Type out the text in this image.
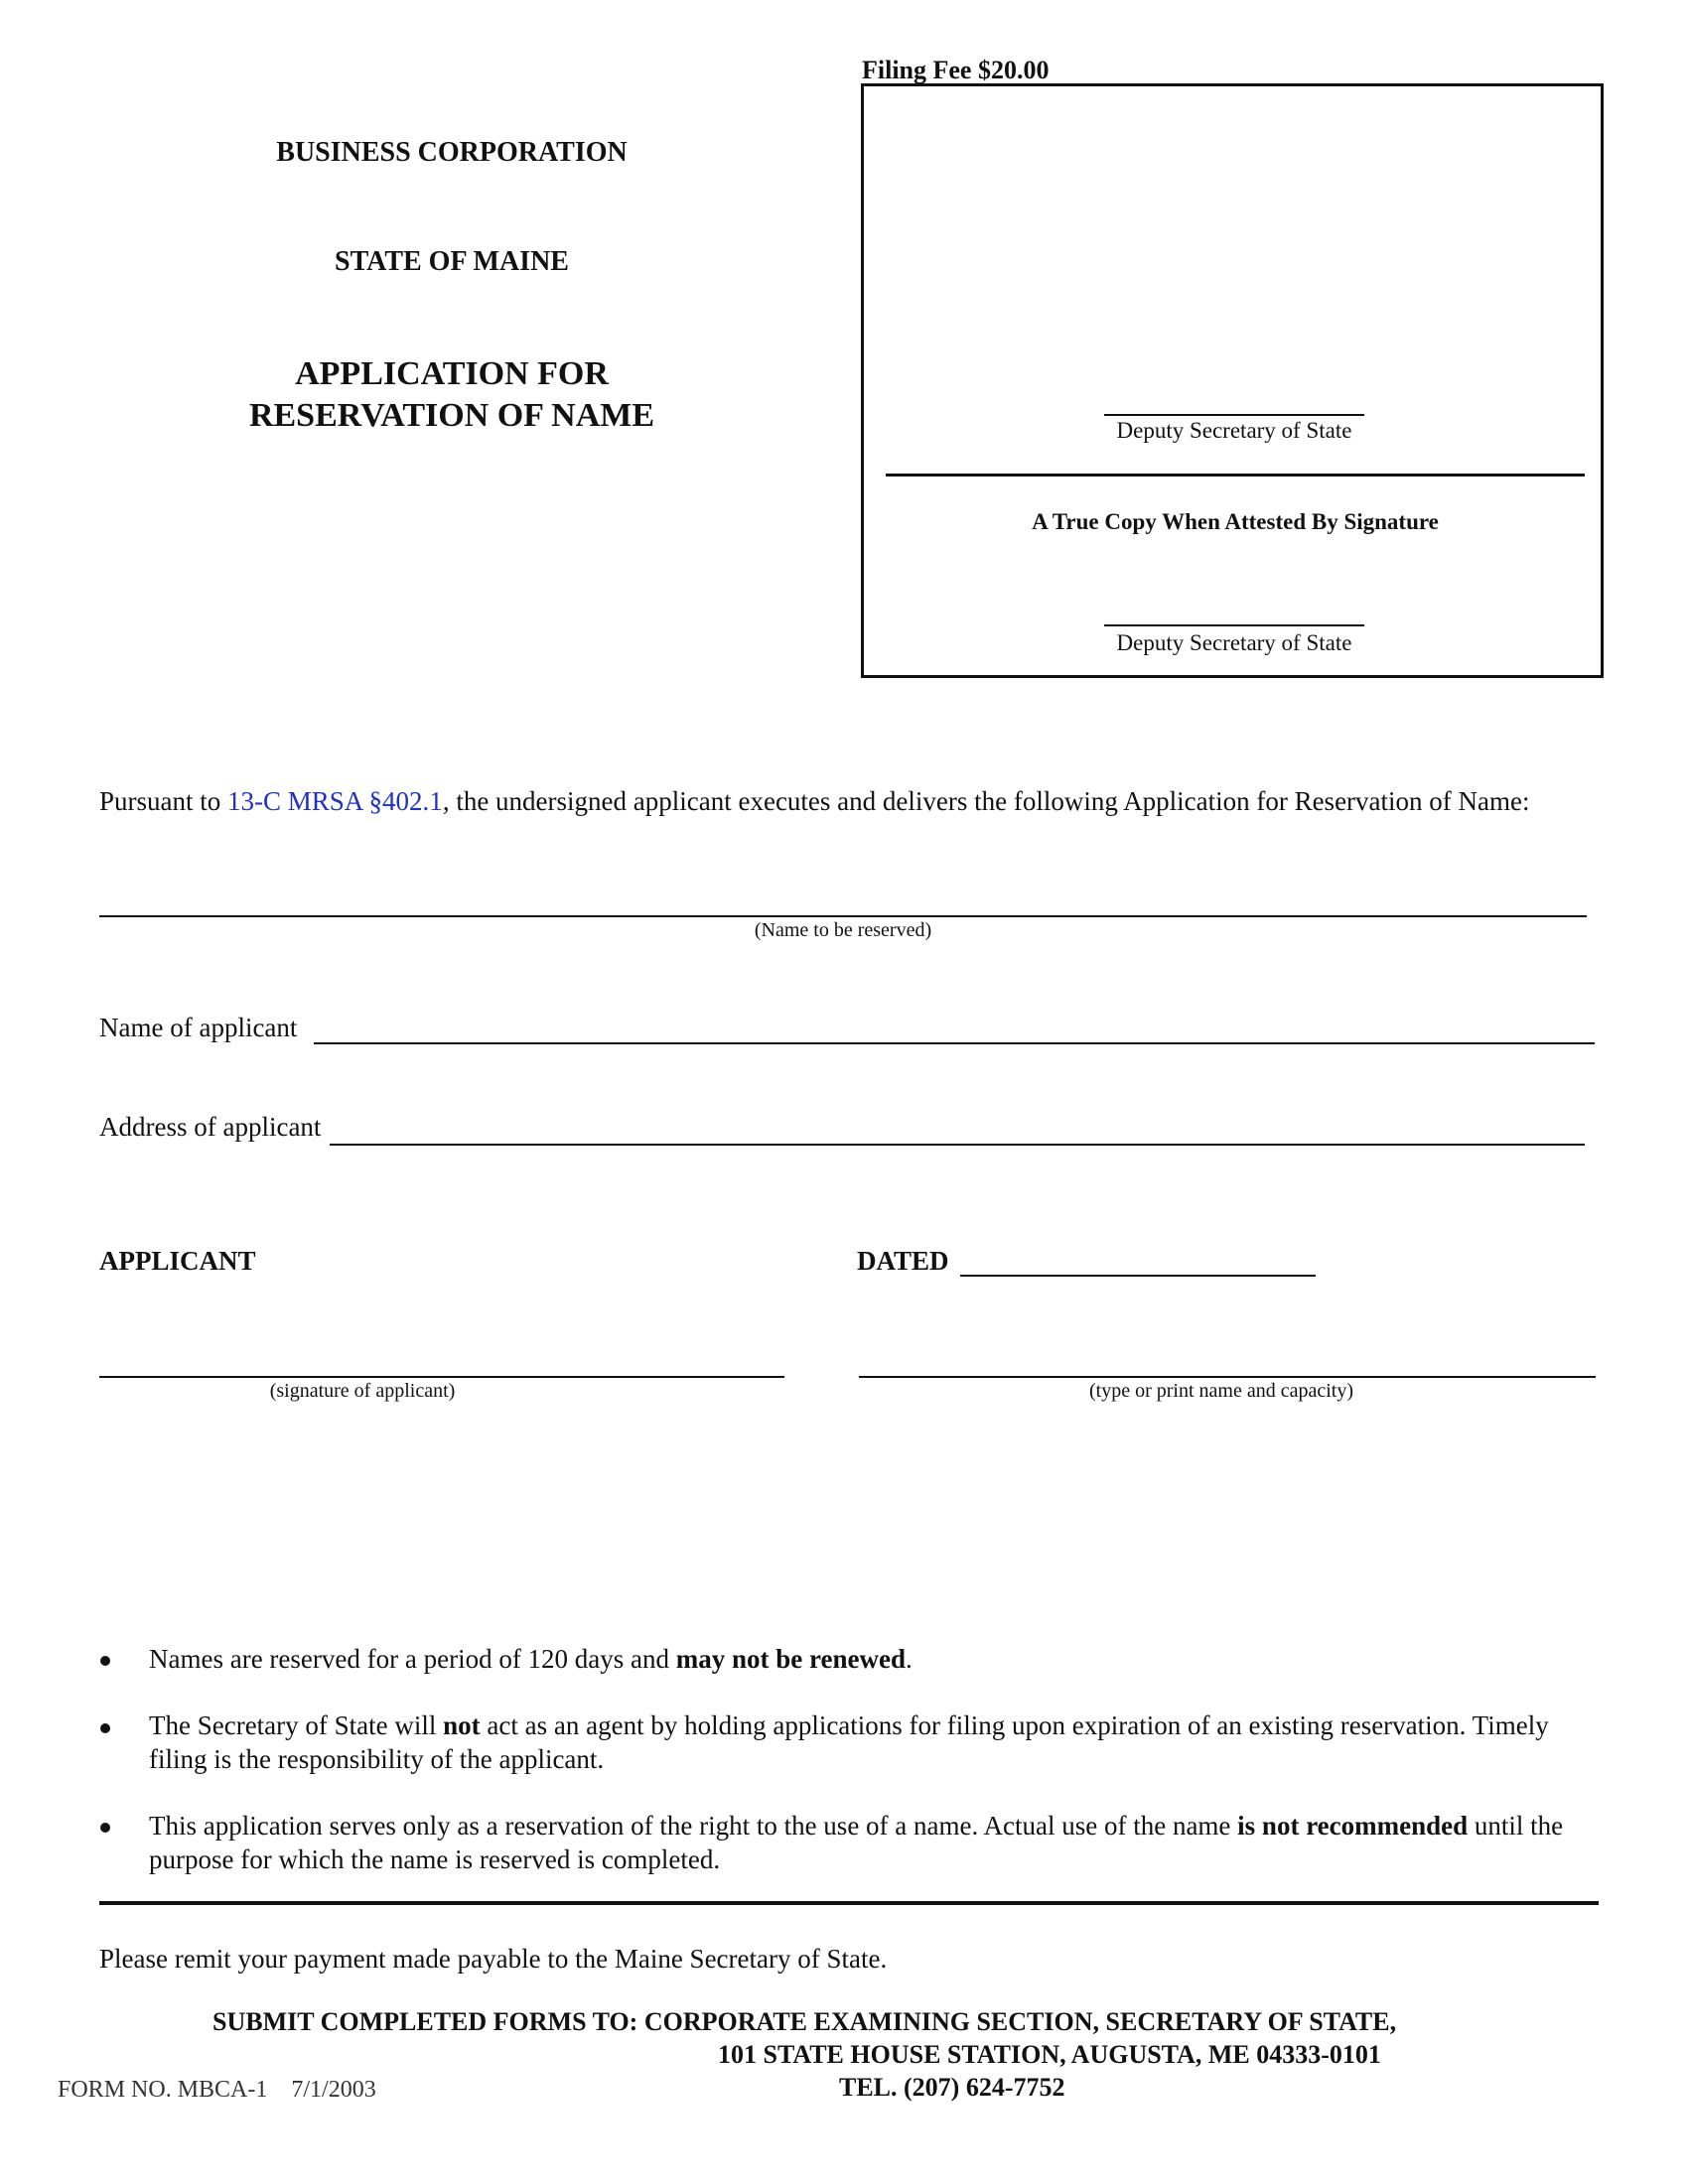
BUSINESS CORPORATION
STATE OF MAINE
APPLICATION FOR
RESERVATION OF NAME
Filing Fee $20.00
Deputy Secretary of State
A True Copy When Attested By Signature
Deputy Secretary of State
Pursuant to 13-C MRSA §402.1, the undersigned applicant executes and delivers the following Application for Reservation of Name:
(Name to be reserved)
Name of applicant
Address of applicant
APPLICANT	DATED
(signature of applicant)	(type or print name and capacity)
Names are reserved for a period of 120 days and may not be renewed.
The Secretary of State will not act as an agent by holding applications for filing upon expiration of an existing reservation. Timely filing is the responsibility of the applicant.
This application serves only as a reservation of the right to the use of a name. Actual use of the name is not recommended until the purpose for which the name is reserved is completed.
Please remit your payment made payable to the Maine Secretary of State.
SUBMIT COMPLETED FORMS TO: CORPORATE EXAMINING SECTION, SECRETARY OF STATE,
101 STATE HOUSE STATION, AUGUSTA, ME 04333-0101
TEL. (207) 624-7752
FORM NO. MBCA-1 7/1/2003
